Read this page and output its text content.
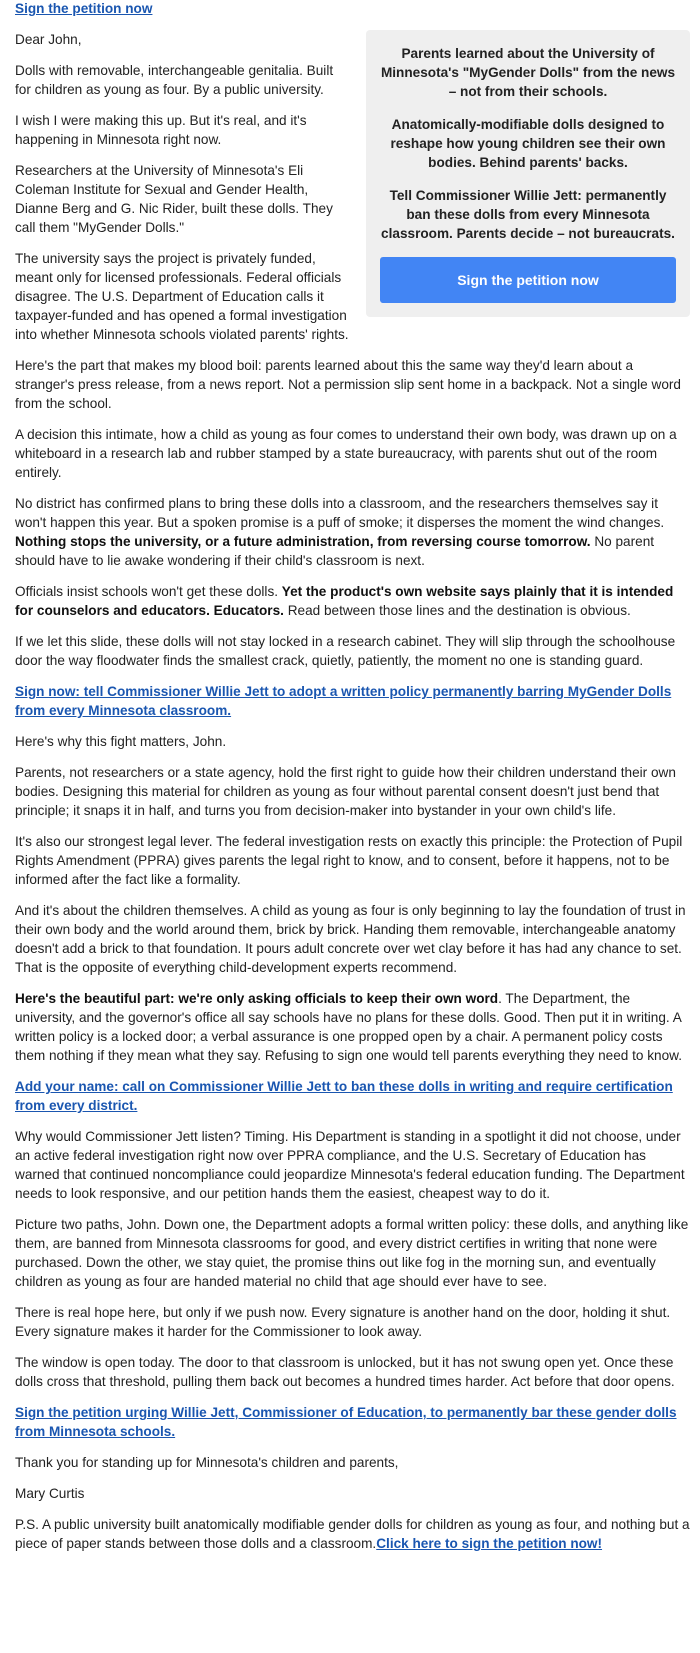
Sign the petition now

Parents learned about the University of Minnesota's "MyGender Dolls" from the news – not from their schools.

Anatomically-modifiable dolls designed to reshape how young children see their own bodies. Behind parents' backs.

Tell Commissioner Willie Jett: permanently ban these dolls from every Minnesota classroom. Parents decide – not bureaucrats.

Sign the petition now

Dear John,

Dolls with removable, interchangeable genitalia. Built for children as young as four. By a public university.

I wish I were making this up. But it's real, and it's happening in Minnesota right now.

Researchers at the University of Minnesota's Eli Coleman Institute for Sexual and Gender Health, Dianne Berg and G. Nic Rider, built these dolls. They call them "MyGender Dolls."

The university says the project is privately funded, meant only for licensed professionals. Federal officials disagree. The U.S. Department of Education calls it taxpayer-funded and has opened a formal investigation into whether Minnesota schools violated parents' rights.

Here's the part that makes my blood boil: parents learned about this the same way they'd learn about a stranger's press release, from a news report. Not a permission slip sent home in a backpack. Not a single word from the school.

A decision this intimate, how a child as young as four comes to understand their own body, was drawn up on a whiteboard in a research lab and rubber stamped by a state bureaucracy, with parents shut out of the room entirely.

No district has confirmed plans to bring these dolls into a classroom, and the researchers themselves say it won't happen this year. But a spoken promise is a puff of smoke; it disperses the moment the wind changes. Nothing stops the university, or a future administration, from reversing course tomorrow. No parent should have to lie awake wondering if their child's classroom is next.

Officials insist schools won't get these dolls. Yet the product's own website says plainly that it is intended for counselors and educators. Educators. Read between those lines and the destination is obvious.

If we let this slide, these dolls will not stay locked in a research cabinet. They will slip through the schoolhouse door the way floodwater finds the smallest crack, quietly, patiently, the moment no one is standing guard.

Sign now: tell Commissioner Willie Jett to adopt a written policy permanently barring MyGender Dolls from every Minnesota classroom.

Here's why this fight matters, John.

Parents, not researchers or a state agency, hold the first right to guide how their children understand their own bodies. Designing this material for children as young as four without parental consent doesn't just bend that principle; it snaps it in half, and turns you from decision-maker into bystander in your own child's life.

It's also our strongest legal lever. The federal investigation rests on exactly this principle: the Protection of Pupil Rights Amendment (PPRA) gives parents the legal right to know, and to consent, before it happens, not to be informed after the fact like a formality.

And it's about the children themselves. A child as young as four is only beginning to lay the foundation of trust in their own body and the world around them, brick by brick. Handing them removable, interchangeable anatomy doesn't add a brick to that foundation. It pours adult concrete over wet clay before it has had any chance to set. That is the opposite of everything child-development experts recommend.

Here's the beautiful part: we're only asking officials to keep their own word. The Department, the university, and the governor's office all say schools have no plans for these dolls. Good. Then put it in writing. A written policy is a locked door; a verbal assurance is one propped open by a chair. A permanent policy costs them nothing if they mean what they say. Refusing to sign one would tell parents everything they need to know.

Add your name: call on Commissioner Willie Jett to ban these dolls in writing and require certification from every district.

Why would Commissioner Jett listen? Timing. His Department is standing in a spotlight it did not choose, under an active federal investigation right now over PPRA compliance, and the U.S. Secretary of Education has warned that continued noncompliance could jeopardize Minnesota's federal education funding. The Department needs to look responsive, and our petition hands them the easiest, cheapest way to do it.

Picture two paths, John. Down one, the Department adopts a formal written policy: these dolls, and anything like them, are banned from Minnesota classrooms for good, and every district certifies in writing that none were purchased. Down the other, we stay quiet, the promise thins out like fog in the morning sun, and eventually children as young as four are handed material no child that age should ever have to see.

There is real hope here, but only if we push now. Every signature is another hand on the door, holding it shut. Every signature makes it harder for the Commissioner to look away.

The window is open today. The door to that classroom is unlocked, but it has not swung open yet. Once these dolls cross that threshold, pulling them back out becomes a hundred times harder. Act before that door opens.

Sign the petition urging Willie Jett, Commissioner of Education, to permanently bar these gender dolls from Minnesota schools.

Thank you for standing up for Minnesota's children and parents,

Mary Curtis

P.S. A public university built anatomically modifiable gender dolls for children as young as four, and nothing but a piece of paper stands between those dolls and a classroom.Click here to sign the petition now!
